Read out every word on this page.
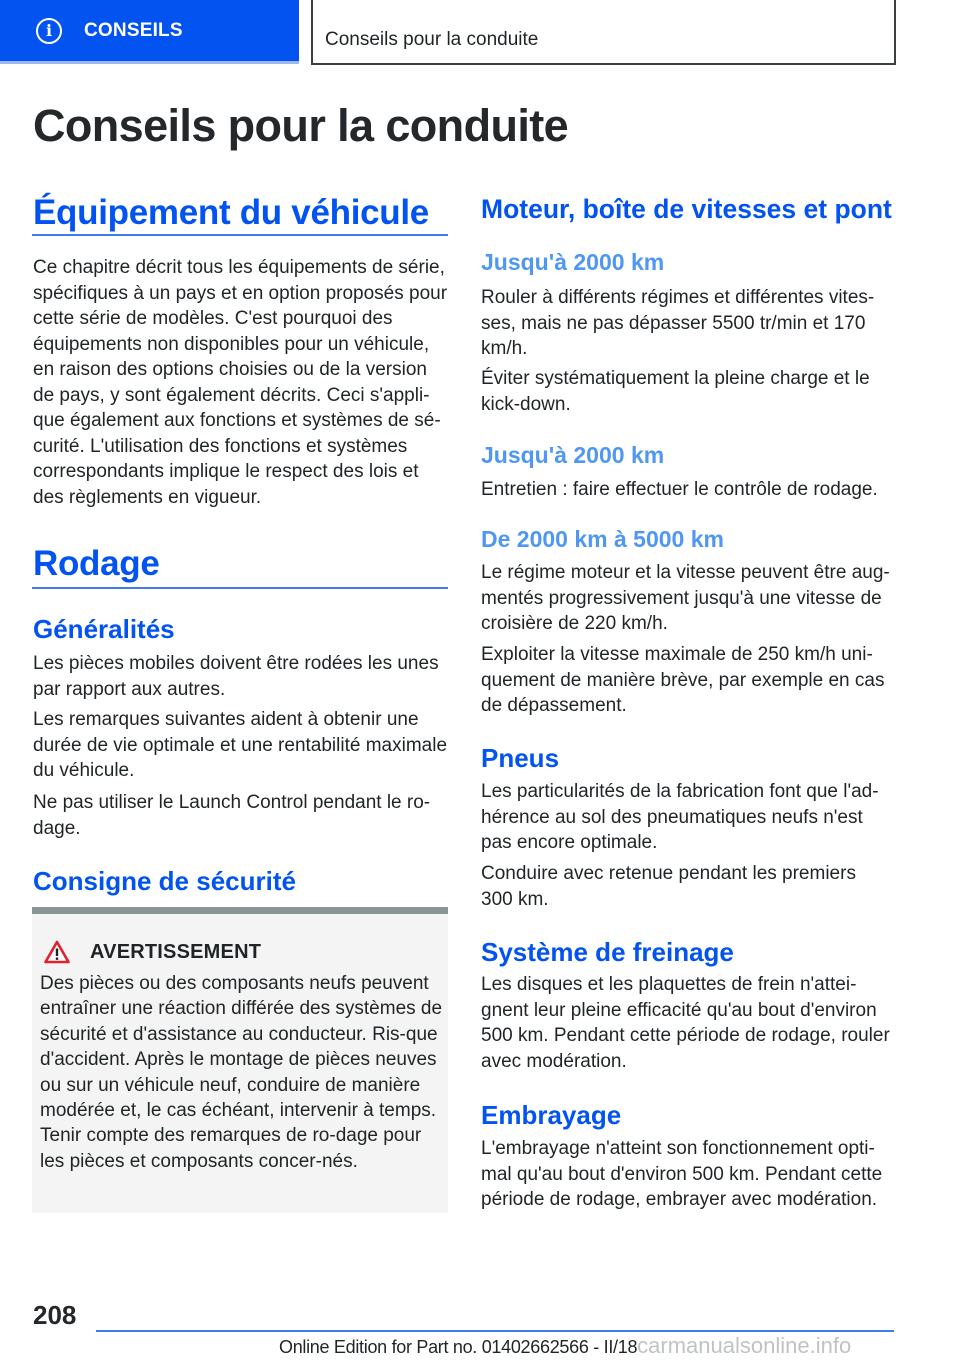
i	CONSEILS	Conseils pour la conduite
Conseils pour la conduite
Équipement du véhicule

Ce chapitre décrit tous les équipements de série, spécifiques à un pays et en option proposés pour cette série de modèles. C'est pourquoi des équipements non disponibles pour un véhicule, en raison des options choisies ou de la version de pays, y sont également décrits. Ceci s'appli-que également aux fonctions et systèmes de sé-curité. L'utilisation des fonctions et systèmes correspondants implique le respect des lois et des règlements en vigueur.

Rodage
Généralités

Les pièces mobiles doivent être rodées les unes par rapport aux autres.

Les remarques suivantes aident à obtenir une durée de vie optimale et une rentabilité maximale du véhicule.

Ne pas utiliser le Launch Control pendant le ro-dage.

Consigne de sécurité
AVERTISSEMENT

Des pièces ou des composants neufs peuvent entraîner une réaction différée des systèmes de sécurité et d'assistance au conducteur. Ris-que d'accident. Après le montage de pièces neuves ou sur un véhicule neuf, conduire de manière modérée et, le cas échéant, intervenir à temps. Tenir compte des remarques de ro-dage pour les pièces et composants concer-nés.

Moteur, boîte de vitesses et pont
Jusqu'à 2000 km

Rouler à différents régimes et différentes vites-ses, mais ne pas dépasser 5500 tr/min et 170 km/h.

Éviter systématiquement la pleine charge et le kick-down.

Jusqu'à 2000 km

Entretien : faire effectuer le contrôle de rodage.

De 2000 km à 5000 km

Le régime moteur et la vitesse peuvent être aug-mentés progressivement jusqu'à une vitesse de croisière de 220 km/h.

Exploiter la vitesse maximale de 250 km/h uni-quement de manière brève, par exemple en cas de dépassement.

Pneus

Les particularités de la fabrication font que l'ad-hérence au sol des pneumatiques neufs n'est pas encore optimale.

Conduire avec retenue pendant les premiers 300 km.

Système de freinage

Les disques et les plaquettes de frein n'attei-gnent leur pleine efficacité qu'au bout d'environ 500 km. Pendant cette période de rodage, rouler avec modération.

Embrayage

L'embrayage n'atteint son fonctionnement opti-mal qu'au bout d'environ 500 km. Pendant cette période de rodage, embrayer avec modération.

208
Online Edition for Part no. 01402662566 - II/18carmanualsonline.info
